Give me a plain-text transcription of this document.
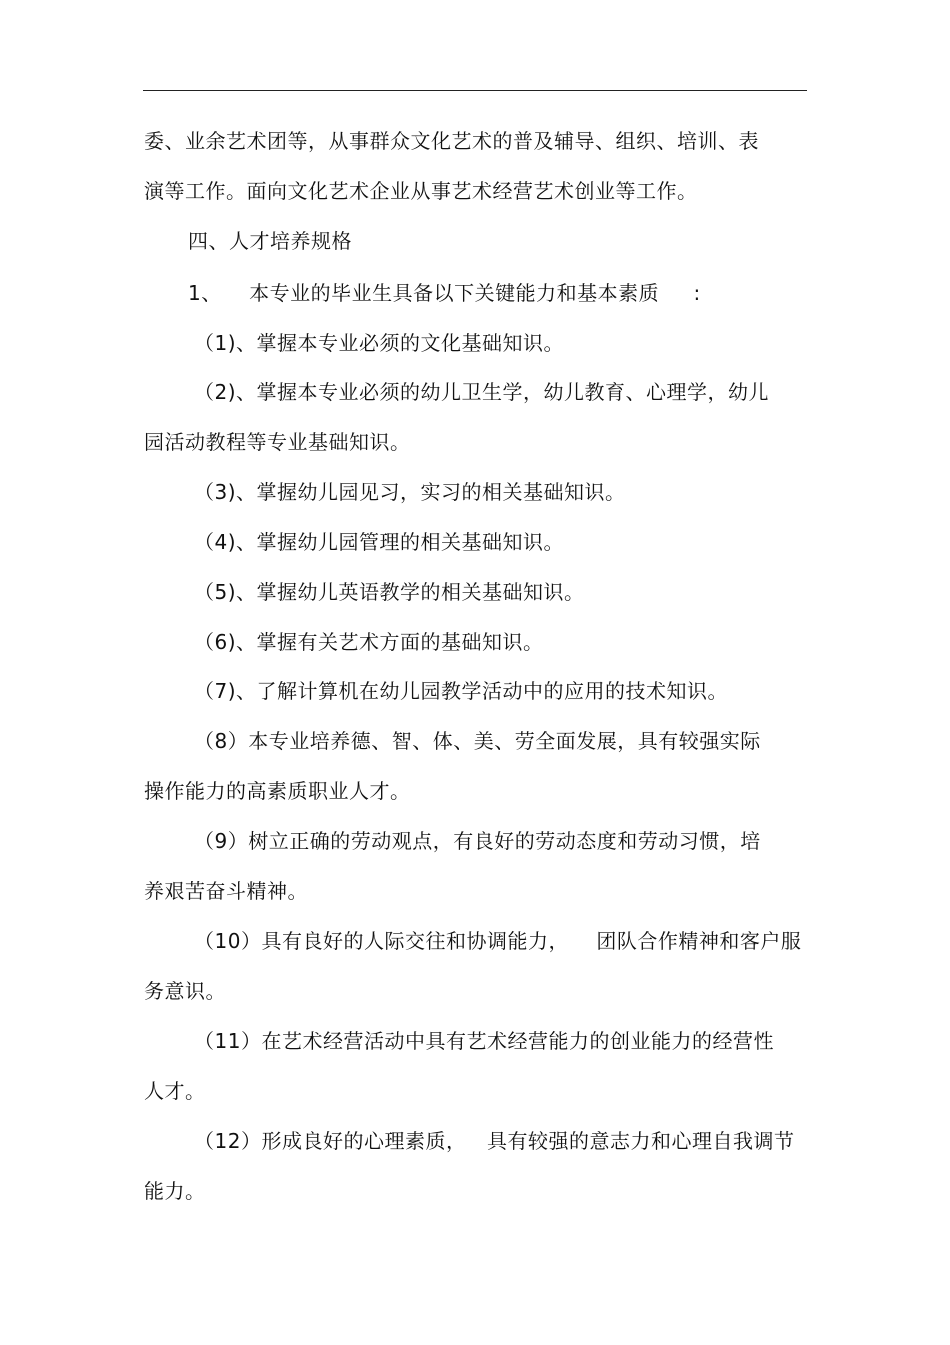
委、业余艺术团等，从事群众文化艺术的普及辅导、组织、培训、表
演等工作。面向文化艺术企业从事艺术经营艺术创业等工作。
四、人才培养规格
1、    本专业的毕业生具备以下关键能力和基本素质     :
（1)、掌握本专业必须的文化基础知识。
（2)、掌握本专业必须的幼儿卫生学，幼儿教育、心理学，幼儿
园活动教程等专业基础知识。
（3)、掌握幼儿园见习，实习的相关基础知识。
（4)、掌握幼儿园管理的相关基础知识。
（5)、掌握幼儿英语教学的相关基础知识。
（6)、掌握有关艺术方面的基础知识。
（7)、了解计算机在幼儿园教学活动中的应用的技术知识。
（8）本专业培养德、智、体、美、劳全面发展，具有较强实际
操作能力的高素质职业人才。
（9）树立正确的劳动观点，有良好的劳动态度和劳动习惯，培
养艰苦奋斗精神。
（10）具有良好的人际交往和协调能力，    团队合作精神和客户服
务意识。
（11）在艺术经营活动中具有艺术经营能力的创业能力的经营性
人才。
（12）形成良好的心理素质，   具有较强的意志力和心理自我调节
能力。
